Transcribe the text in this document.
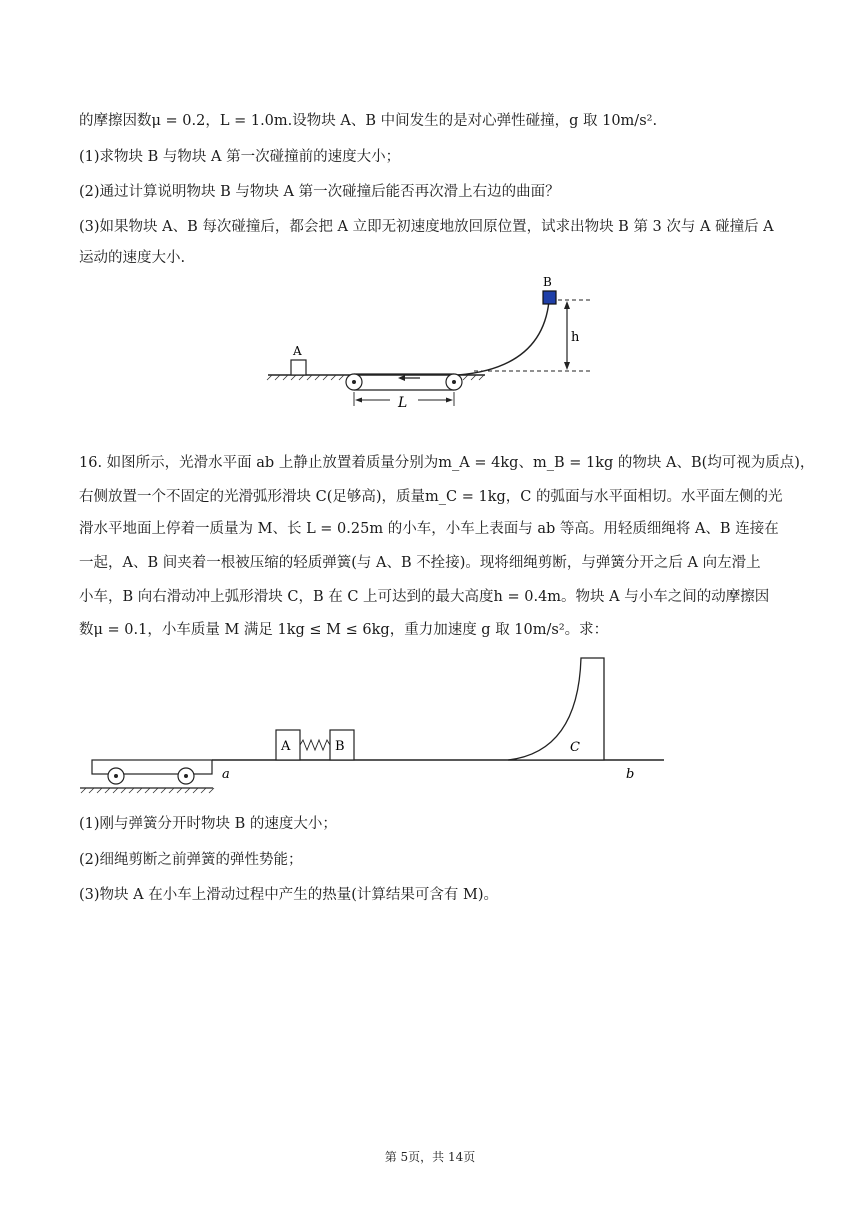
的摩擦因数μ = 0.2，L = 1.0m.设物块 A、B 中间发生的是对心弹性碰撞，g 取 10m/s².
(1)求物块 B 与物块 A 第一次碰撞前的速度大小；
(2)通过计算说明物块 B 与物块 A 第一次碰撞后能否再次滑上右边的曲面？
(3)如果物块 A、B 每次碰撞后，都会把 A 立即无初速度地放回原位置，试求出物块 B 第 3 次与 A 碰撞后 A
运动的速度大小.
A
L
B
h
16. 如图所示，光滑水平面 ab 上静止放置着质量分别为m_A = 4kg、m_B = 1kg 的物块 A、B(均可视为质点)，
右侧放置一个不固定的光滑弧形滑块 C(足够高)，质量m_C = 1kg，C 的弧面与水平面相切。水平面左侧的光
滑水平地面上停着一质量为 M、长 L = 0.25m 的小车，小车上表面与 ab 等高。用轻质细绳将 A、B 连接在
一起，A、B 间夹着一根被压缩的轻质弹簧(与 A、B 不拴接)。现将细绳剪断，与弹簧分开之后 A 向左滑上
小车，B 向右滑动冲上弧形滑块 C，B 在 C 上可达到的最大高度h = 0.4m。物块 A 与小车之间的动摩擦因
数μ = 0.1，小车质量 M 满足 1kg ≤ M ≤ 6kg，重力加速度 g 取 10m/s²。求：
a	b
A	B	C
(1)刚与弹簧分开时物块 B 的速度大小；
(2)细绳剪断之前弹簧的弹性势能；
(3)物块 A 在小车上滑动过程中产生的热量(计算结果可含有 M)。
第 5页，共 14页
